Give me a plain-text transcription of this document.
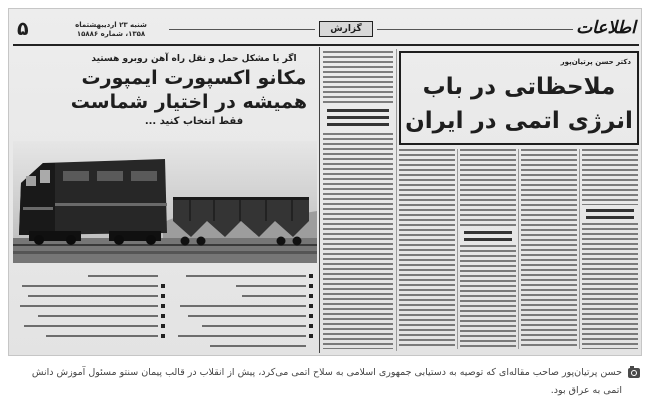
۵	شنبه ۲۳ اردیبهشتماه
۱۳۵۸، شماره ۱۵۸۸۶	گزارش	اطلاعات
اگر با مشکل حمل و نقل راه آهن روبرو هستید
مکانو اکسپورت ایمپورت
همیشه در اختیار شماست
فقط انتخاب کنید ...
دکتر حسن پرتیان‌پور
ملاحظاتی در باب
انرژی اتمی در ایران
حسن پرتیان‌پور صاحب مقاله‌ای که توصیه به دستیابی جمهوری اسلامی به سلاح اتمی می‌کرد، پیش از انقلاب در قالب پیمان سنتو مسئول آموزش دانش اتمی به عراق بود.
